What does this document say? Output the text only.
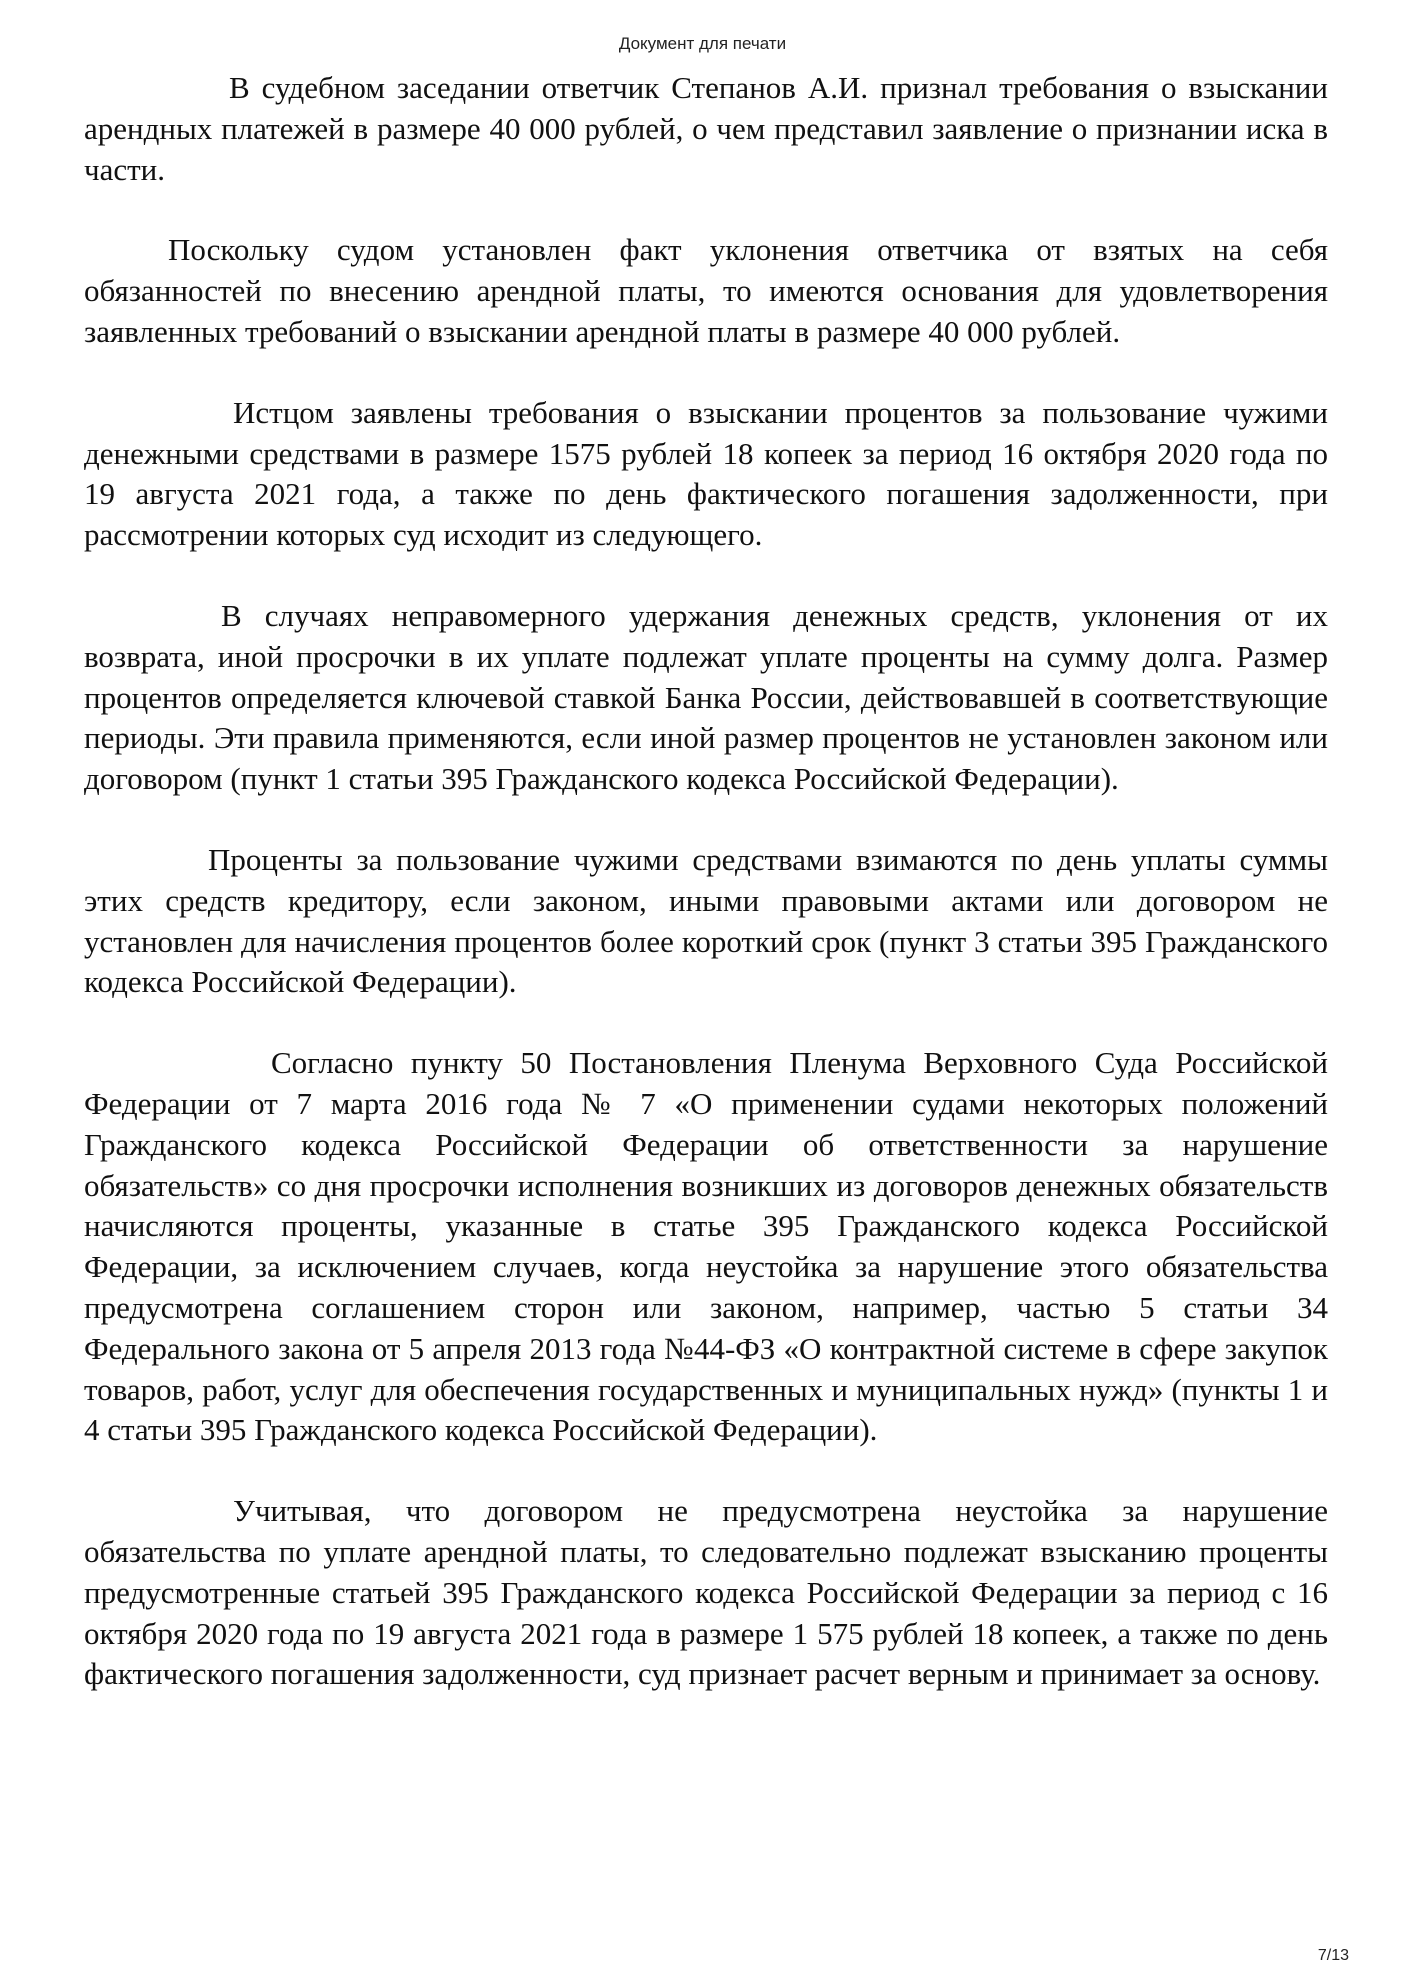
Документ для печати

В судебном заседании ответчик Степанов А.И. признал требования о взыскании арендных платежей в размере 40 000 рублей, о чем представил заявление о признании иска в части.

Поскольку судом установлен факт уклонения ответчика от взятых на себя обязанностей по внесению арендной платы, то имеются основания для удовлетворения заявленных требований о взыскании арендной платы в размере 40 000 рублей.

Истцом заявлены требования о взыскании процентов за пользование чужими денежными средствами в размере 1575 рублей 18 копеек за период 16 октября 2020 года по 19 августа 2021 года, а также по день фактического погашения задолженности, при рассмотрении которых суд исходит из следующего.

В случаях неправомерного удержания денежных средств, уклонения от их возврата, иной просрочки в их уплате подлежат уплате проценты на сумму долга. Размер процентов определяется ключевой ставкой Банка России, действовавшей в соответствующие периоды. Эти правила применяются, если иной размер процентов не установлен законом или договором (пункт 1 статьи 395 Гражданского кодекса Российской Федерации).

Проценты за пользование чужими средствами взимаются по день уплаты суммы этих средств кредитору, если законом, иными правовыми актами или договором не установлен для начисления процентов более короткий срок (пункт 3 статьи 395 Гражданского кодекса Российской Федерации).

Согласно пункту 50 Постановления Пленума Верховного Суда Российской Федерации от 7 марта 2016 года № 7 «О применении судами некоторых положений Гражданского кодекса Российской Федерации об ответственности за нарушение обязательств» со дня просрочки исполнения возникших из договоров денежных обязательств начисляются проценты, указанные в статье 395 Гражданского кодекса Российской Федерации, за исключением случаев, когда неустойка за нарушение этого обязательства предусмотрена соглашением сторон или законом, например, частью 5 статьи 34 Федерального закона от 5 апреля 2013 года №44-ФЗ «О контрактной системе в сфере закупок товаров, работ, услуг для обеспечения государственных и муниципальных нужд» (пункты 1 и 4 статьи 395 Гражданского кодекса Российской Федерации).

Учитывая, что договором не предусмотрена неустойка за нарушение обязательства по уплате арендной платы, то следовательно подлежат взысканию проценты предусмотренные статьей 395 Гражданского кодекса Российской Федерации за период с 16 октября 2020 года по 19 августа 2021 года в размере 1 575 рублей 18 копеек, а также по день фактического погашения задолженности, суд признает расчет верным и принимает за основу.

7/13
